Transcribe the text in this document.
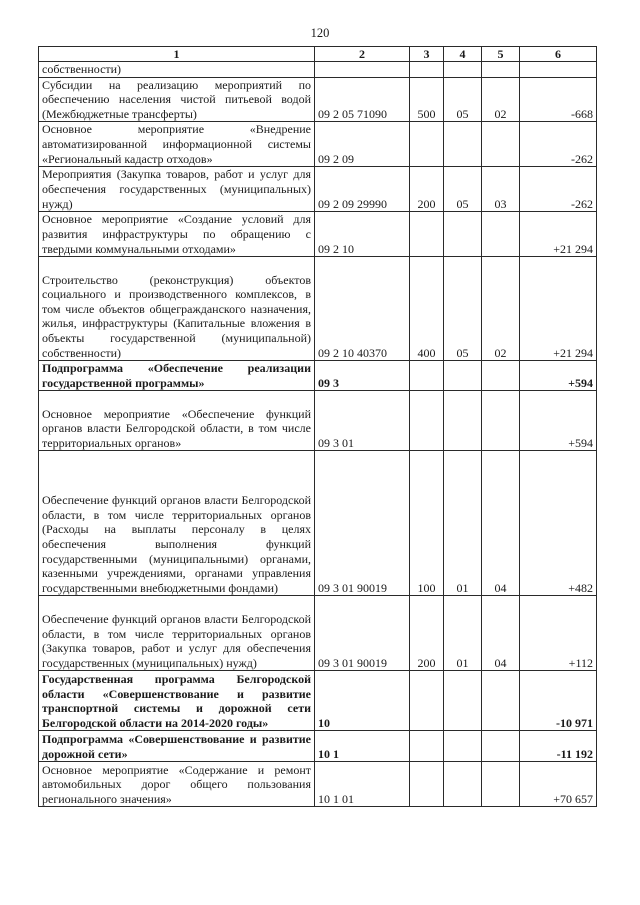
120
1	2	3	4	5	6
собственности)					
Субсидии на реализацию мероприятий по обеспечению населения чистой питьевой водой (Межбюджетные трансферты)	09 2 05 71090	500	05	02	-668
Основное мероприятие «Внедрение автоматизированной информационной системы «Региональный кадастр отходов»	09 2 09				-262
Мероприятия (Закупка товаров, работ и услуг для обеспечения государственных (муниципальных) нужд)	09 2 09 29990	200	05	03	-262
Основное мероприятие «Создание условий для развития инфраструктуры по обращению с твердыми коммунальными отходами»	09 2 10				+21 294
Строительство (реконструкция) объектов социального и производственного комплексов, в том числе объектов общегражданского назначения, жилья, инфраструктуры (Капитальные вложения в объекты государственной (муниципальной) собственности)	09 2 10 40370	400	05	02	+21 294
Подпрограмма «Обеспечение реализации государственной программы»	09 3				+594
Основное мероприятие «Обеспечение функций органов власти Белгородской области, в том числе территориальных органов»	09 3 01				+594
Обеспечение функций органов власти Белгородской области, в том числе территориальных органов (Расходы на выплаты персоналу в целях обеспечения выполнения функций государственными (муниципальными) органами, казенными учреждениями, органами управления государственными внебюджетными фондами)	09 3 01 90019	100	01	04	+482
Обеспечение функций органов власти Белгородской области, в том числе территориальных органов (Закупка товаров, работ и услуг для обеспечения государственных (муниципальных) нужд)	09 3 01 90019	200	01	04	+112
Государственная программа Белгородской области «Совершенствование и развитие транспортной системы и дорожной сети Белгородской области на 2014-2020 годы»	10				-10 971
Подпрограмма «Совершенствование и развитие дорожной сети»	10 1				-11 192
Основное мероприятие «Содержание и ремонт автомобильных дорог общего пользования регионального значения»	10 1 01				+70 657
